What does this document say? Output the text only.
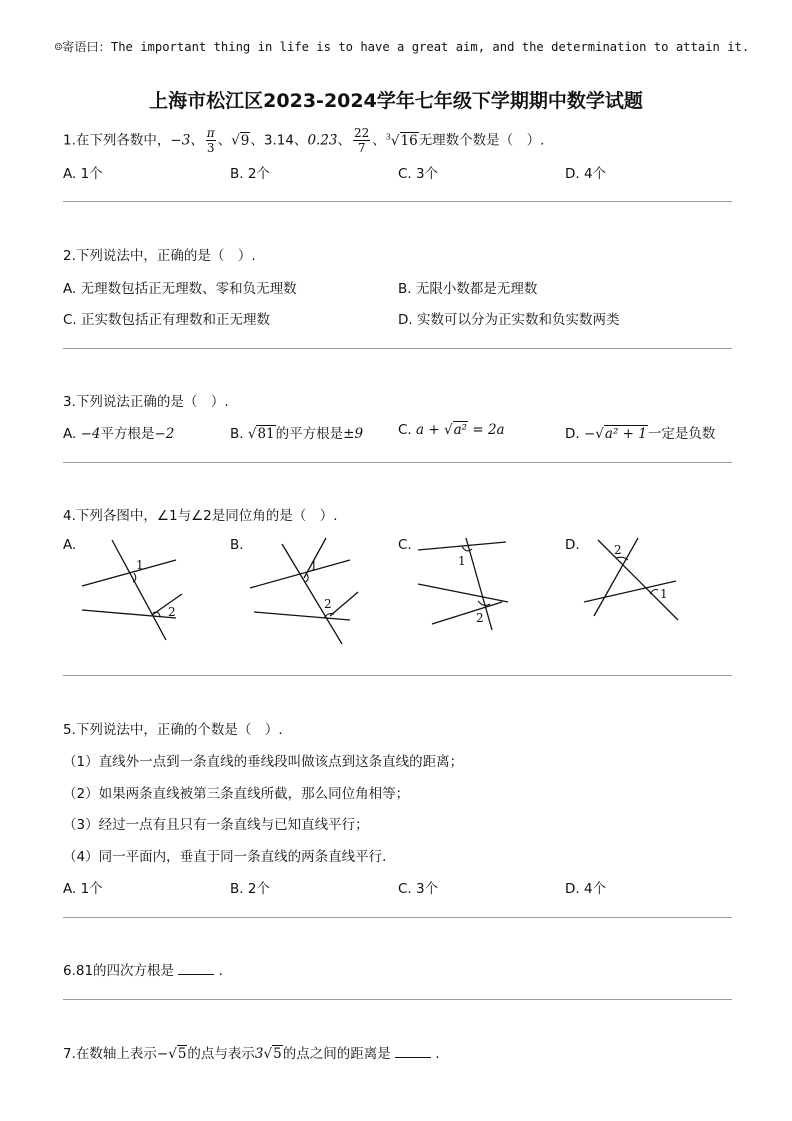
☺寄语曰：The important thing in life is to have a great aim, and the determination to attain it.
上海市松江区2023-2024学年七年级下学期期中数学试题
1.在下列各数中，−3、 $\frac{\pi}{3}$ 、√9、3.14、0.2̇3̇、 $\frac{22}{7}$ 、$^3$√16无理数个数是（　）.
A. 1个	B. 2个	C. 3个	D. 4个
2.下列说法中，正确的是（　）.
A. 无理数包括正无理数、零和负无理数	B. 无限小数都是无理数
C. 正实数包括正有理数和正无理数	D. 实数可以分为正实数和负实数两类
3.下列说法正确的是（　）.
A. −4平方根是−2	B. √81的平方根是±9	C. a + √a² = 2a	D. −√a² + 1一定是负数
4.下列各图中，∠1与∠2是同位角的是（　）.
A.	B.	C.	D.
1
2
1
2
1
2
2
1
5.下列说法中，正确的个数是（　）.
（1）直线外一点到一条直线的垂线段叫做该点到这条直线的距离；
（2）如果两条直线被第三条直线所截，那么同位角相等；
（3）经过一点有且只有一条直线与已知直线平行；
（4）同一平面内，垂直于同一条直线的两条直线平行.
A. 1个	B. 2个	C. 3个	D. 4个
6.81的四次方根是	.
7.在数轴上表示−√5的点与表示3√5的点之间的距离是	.
